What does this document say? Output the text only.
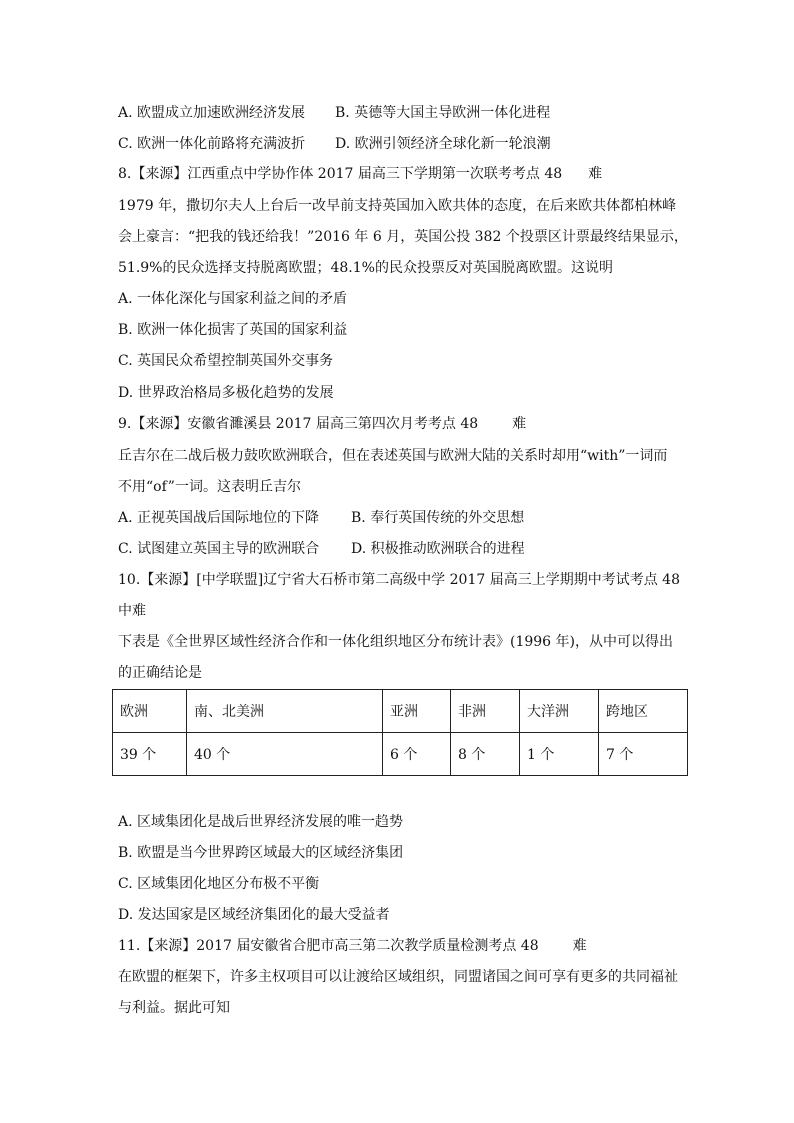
A. 欧盟成立加速欧洲经济发展 B. 英德等大国主导欧洲一体化进程
C. 欧洲一体化前路将充满波折 D. 欧洲引领经济全球化新一轮浪潮
8.【来源】江西重点中学协作体 2017 届高三下学期第一次联考考点 48 难
1979 年，撒切尔夫人上台后一改早前支持英国加入欧共体的态度，在后来欧共体都柏林峰
会上豪言：“把我的钱还给我！”2016 年 6 月，英国公投 382 个投票区计票最终结果显示，
51.9%的民众选择支持脱离欧盟；48.1%的民众投票反对英国脱离欧盟。这说明
A. 一体化深化与国家利益之间的矛盾
B. 欧洲一体化损害了英国的国家利益
C. 英国民众希望控制英国外交事务
D. 世界政治格局多极化趋势的发展
9.【来源】安徽省濉溪县 2017 届高三第四次月考考点 48 难
丘吉尔在二战后极力鼓吹欧洲联合，但在表述英国与欧洲大陆的关系时却用“with”一词而
不用“of”一词。这表明丘吉尔
A. 正视英国战后国际地位的下降 B. 奉行英国传统的外交思想
C. 试图建立英国主导的欧洲联合 D. 积极推动欧洲联合的进程
10.【来源】[中学联盟]辽宁省大石桥市第二高级中学 2017 届高三上学期期中考试考点 48
中难
下表是《全世界区域性经济合作和一体化组织地区分布统计表》(1996 年)，从中可以得出
的正确结论是
欧洲	南、北美洲	亚洲	非洲	大洋洲	跨地区
39 个	40 个	6 个	8 个	1 个	7 个
A. 区域集团化是战后世界经济发展的唯一趋势
B. 欧盟是当今世界跨区域最大的区域经济集团
C. 区域集团化地区分布极不平衡
D. 发达国家是区域经济集团化的最大受益者
11.【来源】2017 届安徽省合肥市高三第二次教学质量检测考点 48 难
在欧盟的框架下，许多主权项目可以让渡给区域组织，同盟诸国之间可享有更多的共同福祉
与利益。据此可知
